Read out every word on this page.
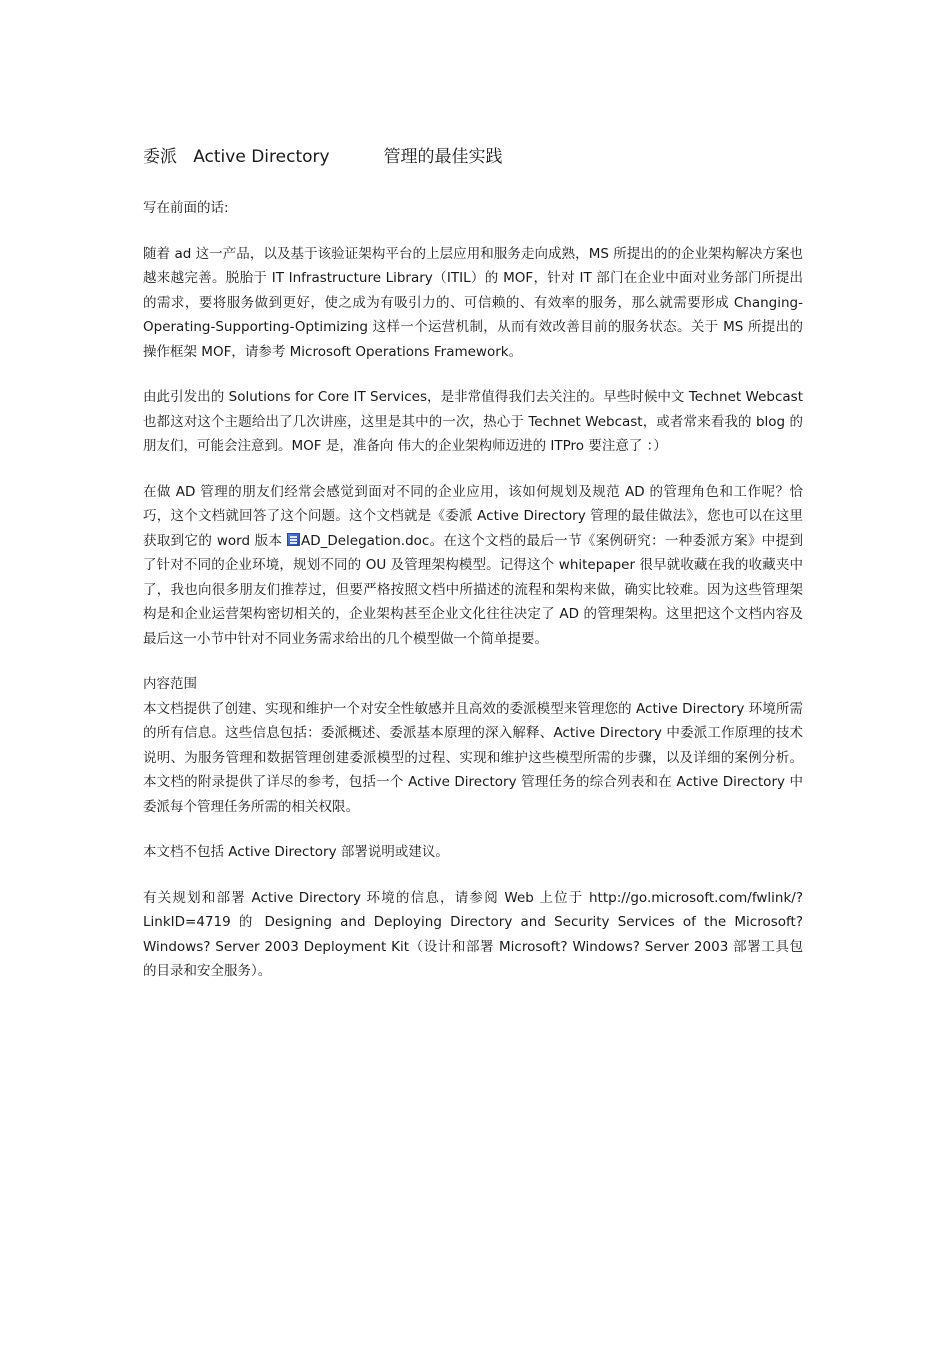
委派 Active Directory	管理的最佳实践

写在前面的话:

随着 ad 这一产品，以及基于该验证架构平台的上层应用和服务走向成熟，MS 所提出的的企业架构解决方案也越来越完善。脱胎于 IT Infrastructure Library（ITIL）的 MOF，针对 IT 部门在企业中面对业务部门所提出的需求，要将服务做到更好，使之成为有吸引力的、可信赖的、有效率的服务，那么就需要形成 Changing-Operating-Supporting-Optimizing 这样一个运营机制，从而有效改善目前的服务状态。关于 MS 所提出的操作框架 MOF，请参考 Microsoft Operations Framework。

由此引发出的 Solutions for Core IT Services，是非常值得我们去关注的。早些时候中文 Technet Webcast 也都这对这个主题给出了几次讲座，这里是其中的一次，热心于 Technet Webcast，或者常来看我的 blog 的朋友们，可能会注意到。MOF 是，准备向 伟大的企业架构师迈进的 ITPro 要注意了 ：）

在做 AD 管理的朋友们经常会感觉到面对不同的企业应用，该如何规划及规范 AD 的管理角色和工作呢？恰巧，这个文档就回答了这个问题。这个文档就是《委派 Active Directory 管理的最佳做法》，您也可以在这里获取到它的 word 版本 AD_Delegation.doc。在这个文档的最后一节《案例研究：一种委派方案》中提到了针对不同的企业环境，规划不同的 OU 及管理架构模型。记得这个 whitepaper 很早就收藏在我的收藏夹中了，我也向很多朋友们推荐过，但要严格按照文档中所描述的流程和架构来做，确实比较难。因为这些管理架构是和企业运营架构密切相关的，企业架构甚至企业文化往往决定了 AD 的管理架构。这里把这个文档内容及最后这一小节中针对不同业务需求给出的几个模型做一个简单提要。

内容范围

本文档提供了创建、实现和维护一个对安全性敏感并且高效的委派模型来管理您的 Active Directory 环境所需的所有信息。这些信息包括：委派概述、委派基本原理的深入解释、Active Directory 中委派工作原理的技术说明、为服务管理和数据管理创建委派模型的过程、实现和维护这些模型所需的步骤，以及详细的案例分析。本文档的附录提供了详尽的参考，包括一个 Active Directory 管理任务的综合列表和在 Active Directory 中委派每个管理任务所需的相关权限。

本文档不包括 Active Directory 部署说明或建议。

有关规划和部署 Active Directory 环境的信息，请参阅 Web 上位于 http://go.microsoft.com/fwlink/?LinkID=4719 的 Designing and Deploying Directory and Security Services of the Microsoft? Windows? Server 2003 Deployment Kit（设计和部署 Microsoft? Windows? Server 2003 部署工具包的目录和安全服务）。
